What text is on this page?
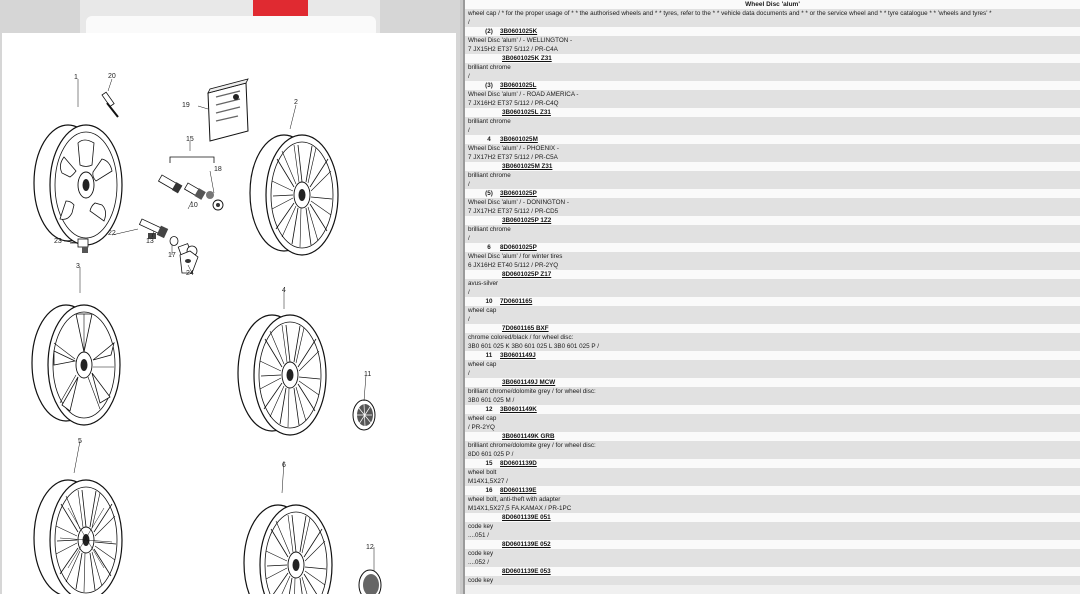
1	20
19	2
15
18
10
23
22
13
17
24
3
4
11
5
6
12
Wheel Disc 'alum'
wheel cap / * for the proper usage of * * the authorised wheels and * * tyres, refer to the * * vehicle data documents and * * or the service wheel and * * tyre catalogue * * 'wheels and tyres' *
/
(2) 3B0601025K
Wheel Disc 'alum' / - WELLINGTON -
7 JX15H2 ET37 5/112 / PR-C4A
3B0601025K Z31
brilliant chrome
/
(3) 3B0601025L
Wheel Disc 'alum' / - ROAD AMERICA -
7 JX16H2 ET37 5/112 / PR-C4Q
3B0601025L Z31
brilliant chrome
/
4 3B0601025M
Wheel Disc 'alum' / - PHOENIX -
7 JX17H2 ET37 5/112 / PR-C5A
3B0601025M Z31
brilliant chrome
/
(5) 3B0601025P
Wheel Disc 'alum' / - DONINGTON -
7 JX17H2 ET37 5/112 / PR-CD5
3B0601025P 1Z2
brilliant chrome
/
6 8D0601025P
Wheel Disc 'alum' / for winter tires
6 JX16H2 ET40 5/112 / PR-2YQ
8D0601025P Z17
avus-silver
/
10 7D0601165
wheel cap
/
7D0601165 BXF
chrome colored/black / for wheel disc:
3B0 601 025 K 3B0 601 025 L 3B0 601 025 P /
11 3B0601149J
wheel cap
/
3B0601149J MCW
brilliant chrome/dolomite grey / for wheel disc:
3B0 601 025 M /
12 3B0601149K
wheel cap
/ PR-2YQ
3B0601149K GRB
brilliant chrome/dolomite grey / for wheel disc:
8D0 601 025 P /
15 8D0601139D
wheel bolt
M14X1,5X27 /
16 8D0601139E
wheel bolt, anti-theft with adapter
M14X1,5X27,5 FA.KAMAX / PR-1PC
8D0601139E 051
code key
....051 /
8D0601139E 052
code key
....052 /
8D0601139E 053
code key
